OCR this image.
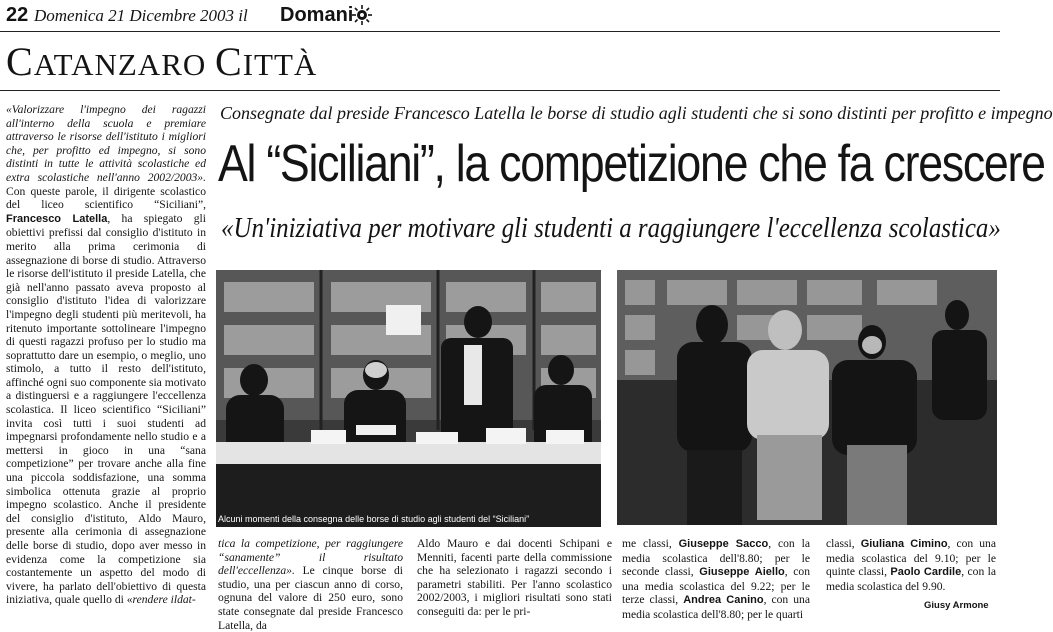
22 Domenica 21 Dicembre 2003 il Domani
CATANZARO CITTÀ

«Valorizzare l'impegno dei ragazzi all'interno della scuola e premiare attraverso le risorse dell'istituto i migliori che, per profitto ed impegno, si sono distinti in tutte le attività scolastiche ed extra scolastiche nell'anno 2002/2003». Con queste parole, il dirigente scolastico del liceo scientifico “Siciliani”, Francesco Latella, ha spiegato gli obiettivi prefissi dal consiglio d'istituto in merito alla prima cerimonia di assegnazione di borse di studio. Attraverso le risorse dell'istituto il preside Latella, che già nell'anno passato aveva proposto al consiglio d'istituto l'idea di valorizzare l'impegno degli studenti più meritevoli, ha ritenuto importante sottolineare l'impegno di questi ragazzi profuso per lo studio ma soprattutto dare un esempio, o meglio, uno stimolo, a tutto il resto dell'istituto, affinché ogni suo componente sia motivato a distinguersi e a raggiungere l'eccellenza scolastica. Il liceo scientifico “Siciliani” invita così tutti i suoi studenti ad impegnarsi profondamente nello studio e a mettersi in gioco in una “sana competizione” per trovare anche alla fine una piccola soddisfazione, una somma simbolica ottenuta grazie al proprio impegno scolastico. Anche il presidente del consiglio d'istituto, Aldo Mauro, presente alla cerimonia di assegnazione delle borse di studio, dopo aver messo in evidenza come la competizione sia costantemente un aspetto del modo di vivere, ha parlato dell'obiettivo di questa iniziativa, quale quello di «rendere ildat-

Consegnate dal preside Francesco Latella le borse di studio agli studenti che si sono distinti per profitto e impegno
Al “Siciliani”, la competizione che fa crescere
«Un'iniziativa per motivare gli studenti a raggiungere l'eccellenza scolastica»
Alcuni momenti della consegna delle borse di studio agli studenti del “Siciliani”

tica la competizione, per raggiungere “sanamente” il risultato dell'eccellenza». Le cinque borse di studio, una per ciascun anno di corso, ognuna del valore di 250 euro, sono state consegnate dal preside Francesco Latella, da

Aldo Mauro e dai docenti Schipani e Menniti, facenti parte della commissione che ha selezionato i ragazzi secondo i parametri stabiliti. Per l'anno scolastico 2002/2003, i migliori risultati sono stati conseguiti da: per le pri-

me classi, Giuseppe Sacco, con la media scolastica dell'8.80; per le seconde classi, Giuseppe Aiello, con una media scolastica del 9.22; per le terze classi, Andrea Canino, con una media scolastica dell'8.80; per le quarti

classi, Giuliana Cimino, con una media scolastica del 9.10; per le quinte classi, Paolo Cardile, con la media scolastica del 9.90.

Giusy Armone
